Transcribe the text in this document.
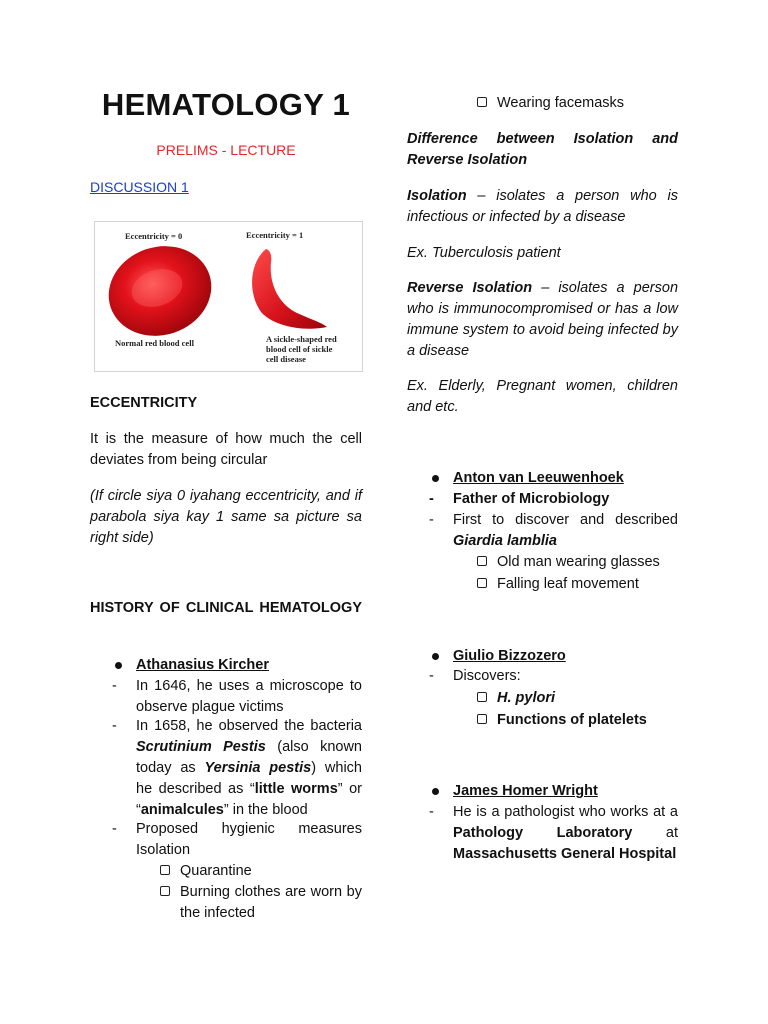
HEMATOLOGY 1
PRELIMS - LECTURE
DISCUSSION 1
ECCENTRICITY
It is the measure of how much the cell deviates from being circular
(If circle siya 0 iyahang eccentricity, and if parabola siya kay 1 same sa picture sa right side)
HISTORY OF CLINICAL HEMATOLOGY
Athanasius Kircher
- In 1646, he uses a microscope to observe plague victims
- In 1658, he observed the bacteria Scrutinium Pestis (also known today as Yersinia pestis) which he described as “little worms” or “animalcules” in the blood
- Proposed hygienic measures
Isolation
Quarantine
Burning clothes are worn by the infected
Eccentricity = 0	Eccentricity = 1
Normal red blood cell	A sickle-shaped red blood cell of sickle cell disease
Wearing facemasks
Difference between Isolation and Reverse Isolation
Isolation – isolates a person who is infectious or infected by a disease
Ex. Tuberculosis patient
Reverse Isolation – isolates a person who is immunocompromised or has a low immune system to avoid being infected by a disease
Ex. Elderly, Pregnant women, children and etc.
Anton van Leeuwenhoek
- Father of Microbiology
- First to discover and described Giardia lamblia
Old man wearing glasses
Falling leaf movement
Giulio Bizzozero
- Discovers:
H. pylori
Functions of platelets
James Homer Wright
- He is a pathologist who works at a Pathology Laboratory at Massachusetts General Hospital
